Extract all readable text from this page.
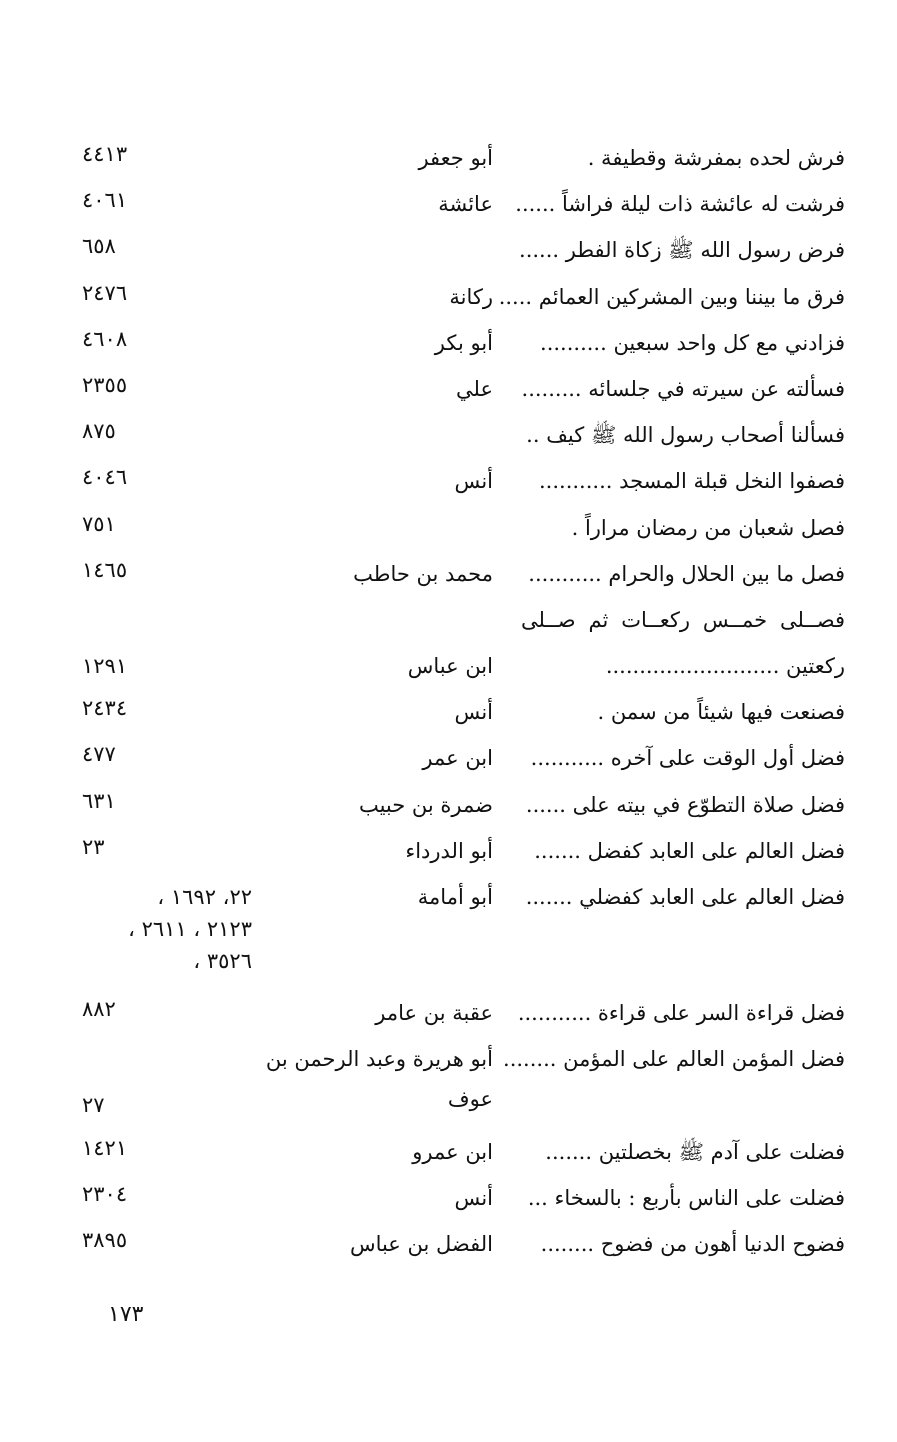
فرش لحده بمفرشة وقطيفة .
أبو جعفر
٤٤١٣
فرشت له عائشة ذات ليلة فراشاً ......
عائشة
٤٠٦١
فرض رسول الله ﷺ زكاة الفطر ......
٦٥٨
فرق ما بيننا وبين المشركين العمائم .....
ركانة
٢٤٧٦
فزادني مع كل واحد سبعين ..........
أبو بكر
٤٦٠٨
فسألته عن سيرته في جلسائه .........
علي
٢٣٥٥
فسألنا أصحاب رسول الله ﷺ كيف ..
٨٧٥
فصفوا النخل قبلة المسجد ...........
أنس
٤٠٤٦
فصل شعبان من رمضان مراراً .
٧٥١
فصل ما بين الحلال والحرام ...........
محمد بن حاطب
١٤٦٥
فصــلى خمــس ركعــات ثم صــلى
ركعتين ..........................
ابن عباس
١٢٩١
فصنعت فيها شيئاً من سمن .
أنس
٢٤٣٤
فضل أول الوقت على آخره ...........
ابن عمر
٤٧٧
فضل صلاة التطوّع في بيته على ......
ضمرة بن حبيب
٦٣١
فضل العالم على العابد كفضل .......
أبو الدرداء
٢٣
فضل العالم على العابد كفضلي .......
أبو أمامة
٢٢، ١٦٩٢ ،
٢١٢٣ ، ٢٦١١ ،
٣٥٢٦ ،
فضل قراءة السر على قراءة ...........
عقبة بن عامر
٨٨٢
فضل المؤمن العالم على المؤمن ........
أبو هريرة وعبد الرحمن بن عوف
٢٧
فضلت على آدم ﷺ بخصلتين .......
ابن عمرو
١٤٢١
فضلت على الناس بأربع : بالسخاء ...
أنس
٢٣٠٤
فضوح الدنيا أهون من فضوح ........
الفضل بن عباس
٣٨٩٥
١٧٣
